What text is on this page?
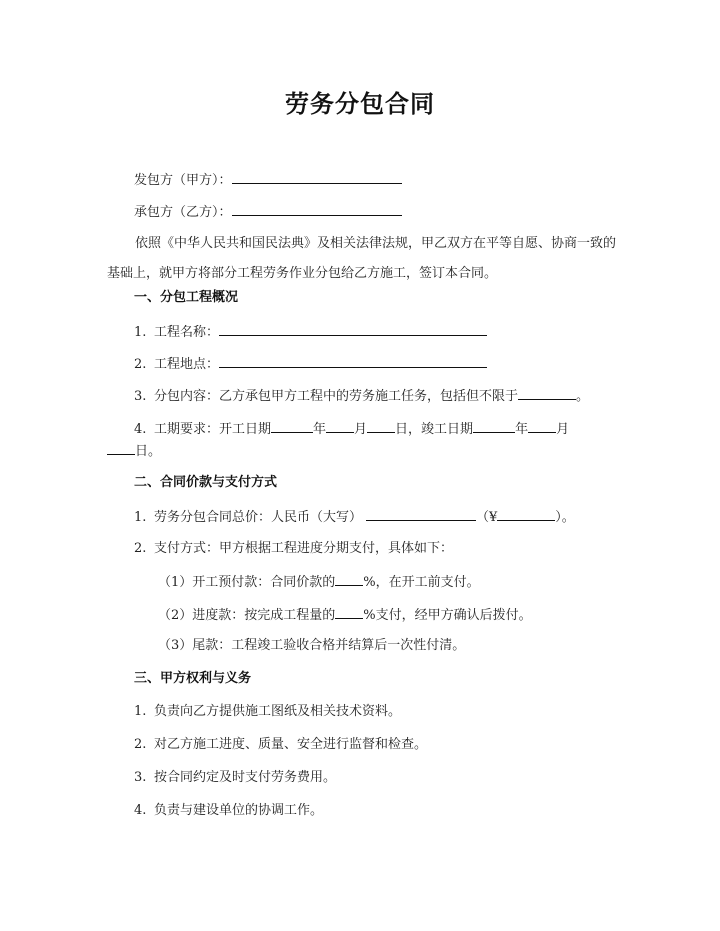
劳务分包合同
发包方（甲方）：
承包方（乙方）：
依照《中华人民共和国民法典》及相关法律法规，甲乙双方在平等自愿、协商一致的基础上，就甲方将部分工程劳务作业分包给乙方施工，签订本合同。
一、分包工程概况
1. 工程名称：
2. 工程地点：
3. 分包内容：乙方承包甲方工程中的劳务施工任务，包括但不限于	。
4. 工期要求：开工日期	年 月 日，竣工日期	年 月
日。
二、合同价款与支付方式
1. 劳务分包合同总价：人民币（大写）	（¥	）。
2. 支付方式：甲方根据工程进度分期支付，具体如下：
（1）开工预付款：合同价款的 %，在开工前支付。
（2）进度款：按完成工程量的 %支付，经甲方确认后拨付。
（3）尾款：工程竣工验收合格并结算后一次性付清。
三、甲方权利与义务
1. 负责向乙方提供施工图纸及相关技术资料。
2. 对乙方施工进度、质量、安全进行监督和检查。
3. 按合同约定及时支付劳务费用。
4. 负责与建设单位的协调工作。
